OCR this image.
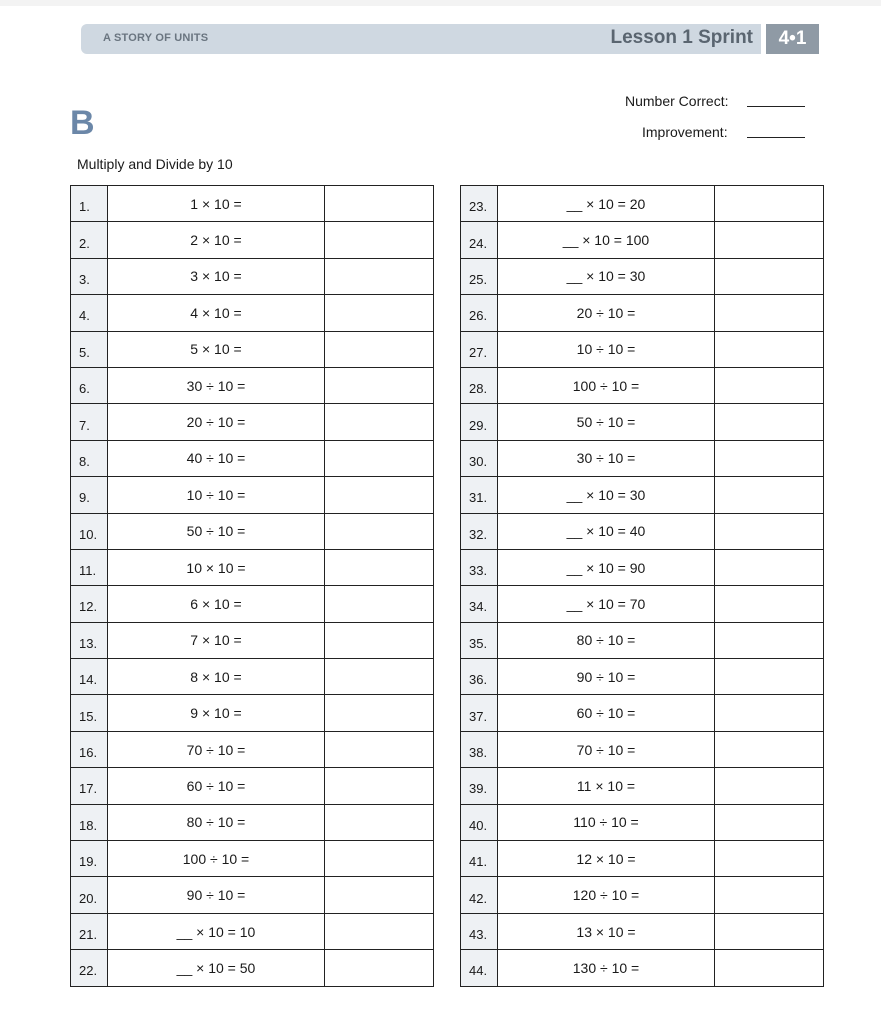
A STORY OF UNITS	Lesson 1 Sprint	4•1
B
Number Correct:
Improvement:
Multiply and Divide by 10
1.	1 × 10 =	
2.	2 × 10 =	
3.	3 × 10 =	
4.	4 × 10 =	
5.	5 × 10 =	
6.	30 ÷ 10 =	
7.	20 ÷ 10 =	
8.	40 ÷ 10 =	
9.	10 ÷ 10 =	
10.	50 ÷ 10 =	
11.	10 × 10 =	
12.	6 × 10 =	
13.	7 × 10 =	
14.	8 × 10 =	
15.	9 × 10 =	
16.	70 ÷ 10 =	
17.	60 ÷ 10 =	
18.	80 ÷ 10 =	
19.	100 ÷ 10 =	
20.	90 ÷ 10 =	
21.	__ × 10 = 10	
22.	__ × 10 = 50	
23.	__ × 10 = 20	
24.	__ × 10 = 100	
25.	__ × 10 = 30	
26.	20 ÷ 10 =	
27.	10 ÷ 10 =	
28.	100 ÷ 10 =	
29.	50 ÷ 10 =	
30.	30 ÷ 10 =	
31.	__ × 10 = 30	
32.	__ × 10 = 40	
33.	__ × 10 = 90	
34.	__ × 10 = 70	
35.	80 ÷ 10 =	
36.	90 ÷ 10 =	
37.	60 ÷ 10 =	
38.	70 ÷ 10 =	
39.	11 × 10 =	
40.	110 ÷ 10 =	
41.	12 × 10 =	
42.	120 ÷ 10 =	
43.	13 × 10 =	
44.	130 ÷ 10 =	
